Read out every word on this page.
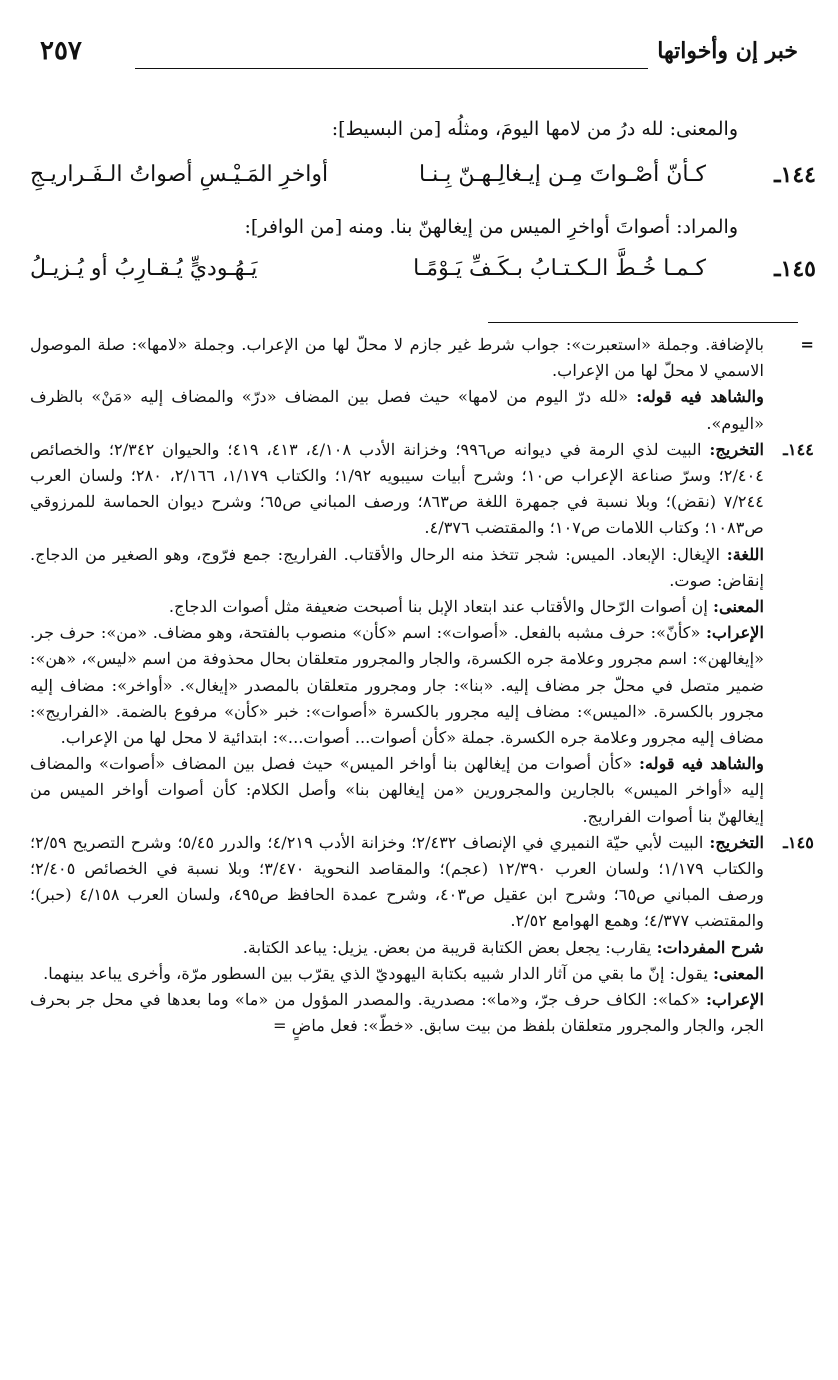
خبر إن وأخواتها
٢٥٧
والمعنى: لله درُ من لامها اليومَ، ومثلُه [من البسيط]:
١٤٤ـ
كـأنّ أصْـواتَ مِـن إيـغالِـهـنّ بِـنـا
أواخرِ المَـيْـسِ أصواتُ الـفَـراريـجِ
والمراد: أصواتَ أواخرِ الميس من إيغالهنّ بنا. ومنه [من الوافر]:
١٤٥ـ
كـمـا خُـطَّ الـكـتـابُ بـكَـفِّ يَـوْمًـا
يَـهُـوديٍّ يُـقـارِبُ أو يُـزيـلُ
=

بالإضافة. وجملة «استعبرت»: جواب شرط غير جازم لا محلّ لها من الإعراب. وجملة «لامها»: صلة الموصول الاسمي لا محلّ لها من الإعراب.

والشاهد فيه قوله: «لله درّ اليوم من لامها» حيث فصل بين المضاف «درّ» والمضاف إليه «مَنْ» بالظرف «اليوم».

١٤٤ـ

التخريج: البيت لذي الرمة في ديوانه ص٩٩٦؛ وخزانة الأدب ٤/١٠٨، ٤١٣، ٤١٩؛ والحيوان ٢/٣٤٢؛ والخصائص ٢/٤٠٤؛ وسرّ صناعة الإعراب ص١٠؛ وشرح أبيات سيبويه ١/٩٢؛ والكتاب ١/١٧٩، ٢/١٦٦، ٢٨٠؛ ولسان العرب ٧/٢٤٤ (نقض)؛ وبلا نسبة في جمهرة اللغة ص٨٦٣؛ ورصف المباني ص٦٥؛ وشرح ديوان الحماسة للمرزوقي ص١٠٨٣؛ وكتاب اللامات ص١٠٧؛ والمقتضب ٤/٣٧٦.

اللغة: الإيغال: الإبعاد. الميس: شجر تتخذ منه الرحال والأقتاب. الفراريج: جمع فرّوج، وهو الصغير من الدجاج. إنقاض: صوت.

المعنى: إن أصوات الرّحال والأقتاب عند ابتعاد الإبل بنا أصبحت ضعيفة مثل أصوات الدجاج.

الإعراب: «كأنّ»: حرف مشبه بالفعل. «أصوات»: اسم «كأن» منصوب بالفتحة، وهو مضاف. «من»: حرف جر. «إيغالهن»: اسم مجرور وعلامة جره الكسرة، والجار والمجرور متعلقان بحال محذوفة من اسم «ليس»، «هن»: ضمير متصل في محلّ جر مضاف إليه. «بنا»: جار ومجرور متعلقان بالمصدر «إيغال». «أواخر»: مضاف إليه مجرور بالكسرة. «الميس»: مضاف إليه مجرور بالكسرة «أصوات»: خبر «كأن» مرفوع بالضمة. «الفراريج»: مضاف إليه مجرور وعلامة جره الكسرة. جملة «كأن أصوات... أصوات...»: ابتدائية لا محل لها من الإعراب.

والشاهد فيه قوله: «كأن أصوات من إيغالهن بنا أواخر الميس» حيث فصل بين المضاف «أصوات» والمضاف إليه «أواخر الميس» بالجارين والمجرورين «من إيغالهن بنا» وأصل الكلام: كأن أصوات أواخر الميس من إيغالهنّ بنا أصوات الفراريج.

١٤٥ـ

التخريج: البيت لأبي حيّة النميري في الإنصاف ٢/٤٣٢؛ وخزانة الأدب ٤/٢١٩؛ والدرر ٥/٤٥؛ وشرح التصريح ٢/٥٩؛ والكتاب ١/١٧٩؛ ولسان العرب ١٢/٣٩٠ (عجم)؛ والمقاصد النحوية ٣/٤٧٠؛ وبلا نسبة في الخصائص ٢/٤٠٥؛ ورصف المباني ص٦٥؛ وشرح ابن عقيل ص٤٠٣، وشرح عمدة الحافظ ص٤٩٥، ولسان العرب ٤/١٥٨ (حبر)؛ والمقتضب ٤/٣٧٧؛ وهمع الهوامع ٢/٥٢.

شرح المفردات: يقارب: يجعل بعض الكتابة قريبة من بعض. يزيل: يباعد الكتابة.

المعنى: يقول: إنّ ما بقي من آثار الدار شبيه بكتابة اليهوديّ الذي يقرّب بين السطور مرّة، وأخرى يباعد بينهما.

الإعراب: «كما»: الكاف حرف جرّ، و«ما»: مصدرية. والمصدر المؤول من «ما» وما بعدها في محل جر بحرف الجر، والجار والمجرور متعلقان بلفظ من بيت سابق. «خطّ»: فعل ماضٍ =
